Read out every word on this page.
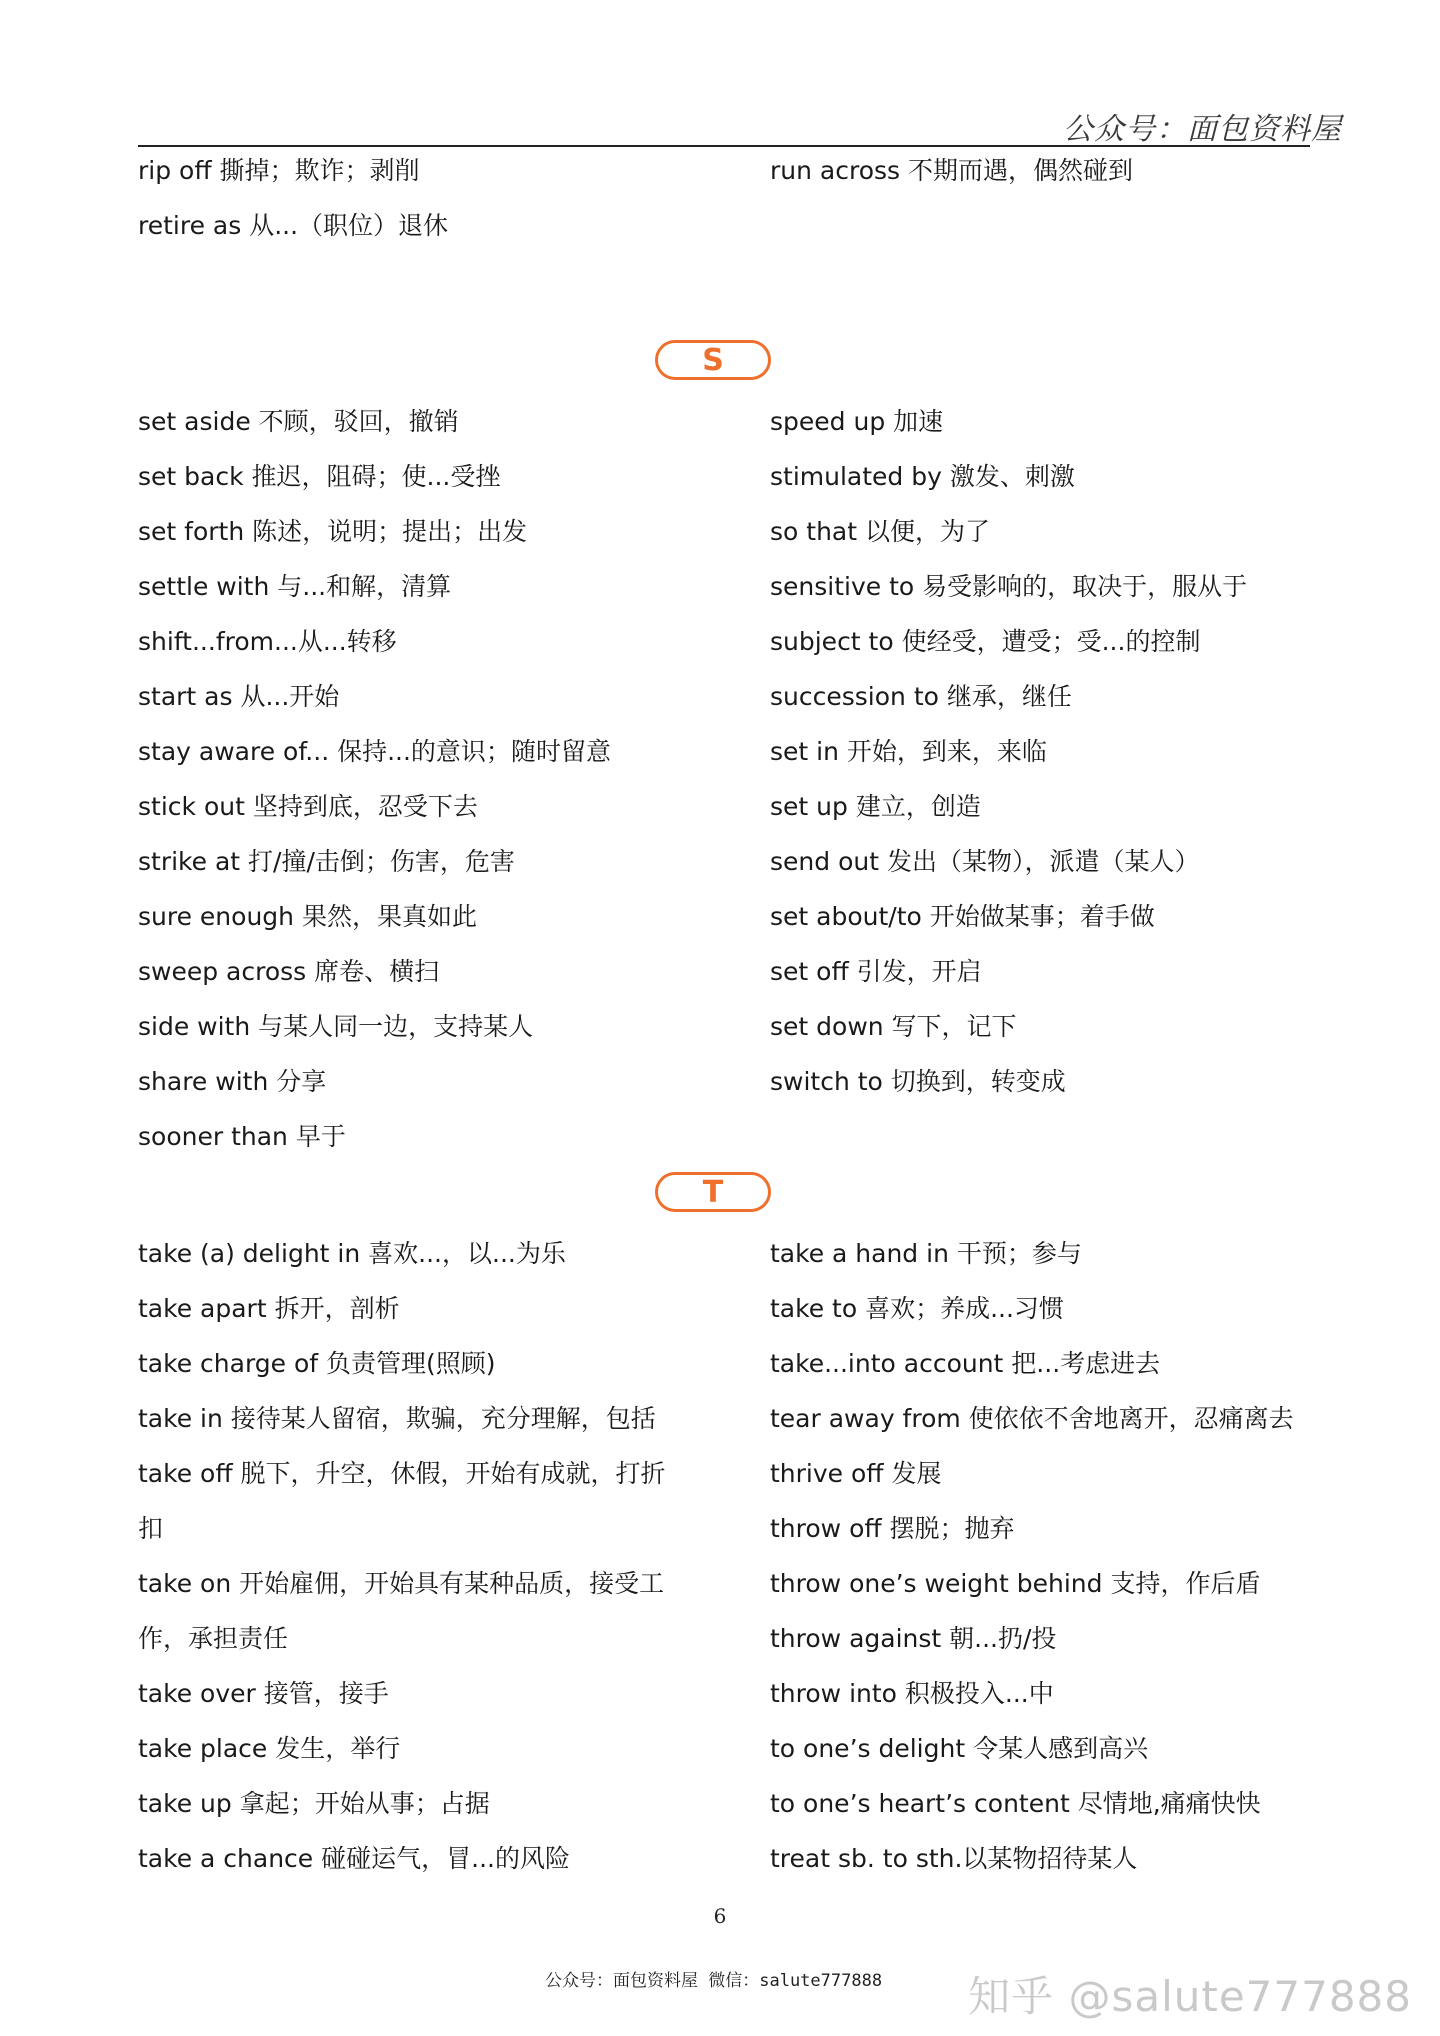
公众号：面包资料屋
rip off 撕掉；欺诈；剥削
retire as 从...（职位）退休
run across 不期而遇，偶然碰到
S
set aside 不顾，驳回，撤销
set back 推迟，阻碍；使...受挫
set forth 陈述，说明；提出；出发
settle with 与...和解，清算
shift...from...从...转移
start as 从...开始
stay aware of... 保持...的意识；随时留意
stick out 坚持到底，忍受下去
strike at 打/撞/击倒；伤害，危害
sure enough 果然，果真如此
sweep across 席卷、横扫
side with 与某人同一边，支持某人
share with 分享
sooner than 早于
speed up 加速
stimulated by 激发、刺激
so that 以便，为了
sensitive to 易受影响的，取决于，服从于
subject to 使经受，遭受；受...的控制
succession to 继承，继任
set in 开始，到来，来临
set up 建立，创造
send out 发出（某物），派遣（某人）
set about/to 开始做某事；着手做
set off 引发，开启
set down 写下，记下
switch to 切换到，转变成
T
take (a) delight in 喜欢...，以...为乐
take apart 拆开，剖析
take charge of 负责管理(照顾)
take in 接待某人留宿，欺骗，充分理解，包括
take off 脱下，升空，休假，开始有成就，打折扣
take on 开始雇佣，开始具有某种品质，接受工作，承担责任
take over 接管，接手
take place 发生，举行
take up 拿起；开始从事；占据
take a chance 碰碰运气，冒...的风险
take a hand in 干预；参与
take to 喜欢；养成...习惯
take...into account 把...考虑进去
tear away from 使依依不舍地离开，忍痛离去
thrive off 发展
throw off 摆脱；抛弃
throw one’s weight behind 支持，作后盾
throw against 朝...扔/投
throw into 积极投入...中
to one’s delight 令某人感到高兴
to one’s heart’s content 尽情地,痛痛快快
treat sb. to sth.以某物招待某人
6
公众号：面包资料屋 微信：salute777888 知乎 @salute777888
